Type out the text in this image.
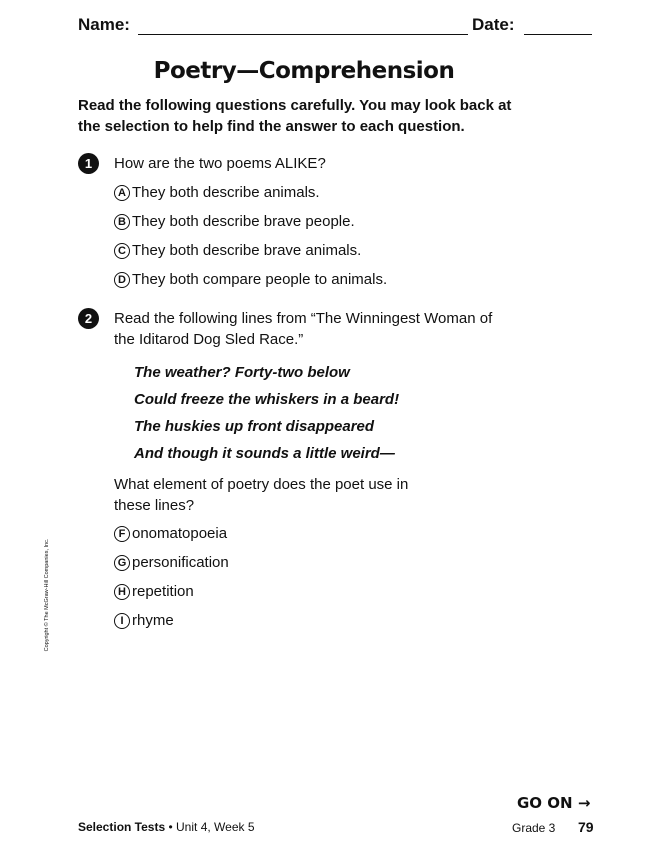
Name:	Date:
Poetry—Comprehension
Read the following questions carefully. You may look back at the selection to help find the answer to each question.
1	How are the two poems ALIKE?
A They both describe animals.
B They both describe brave people.
C They both describe brave animals.
D They both compare people to animals.
2	Read the following lines from “The Winningest Woman of the Iditarod Dog Sled Race.”
The weather? Forty-two below
Could freeze the whiskers in a beard!
The huskies up front disappeared
And though it sounds a little weird—
What element of poetry does the poet use in these lines?
F onomatopoeia
G personification
H repetition
I rhyme
Copyright © The McGraw-Hill Companies, Inc.
GO ON →
Selection Tests • Unit 4, Week 5	Grade 3 79
